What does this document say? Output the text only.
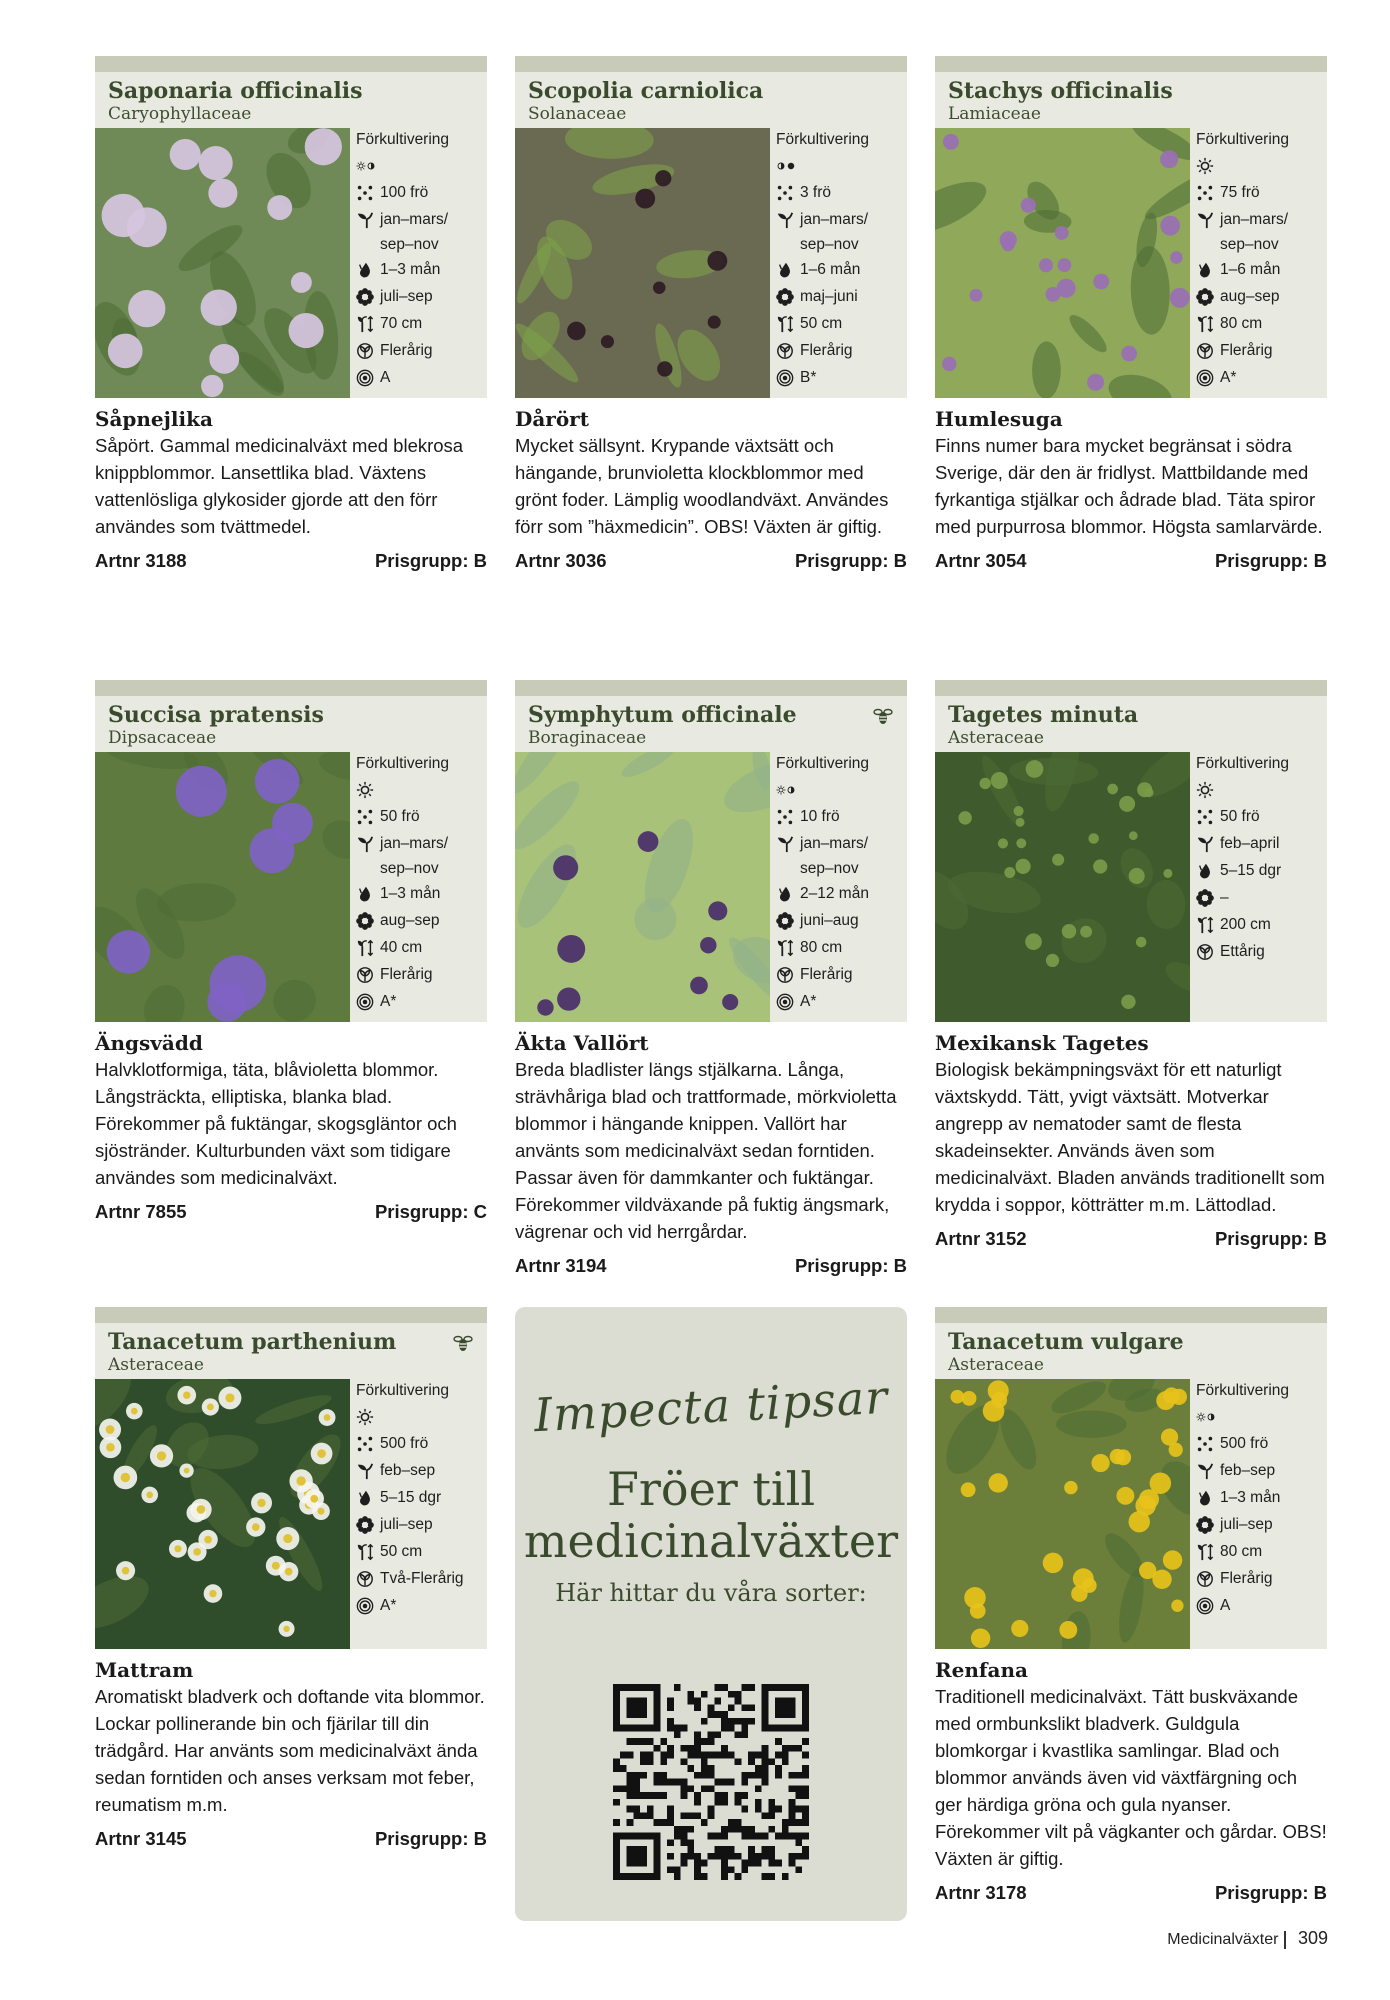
Saponaria officinalis
Caryophyllaceae
Förkultivering
100 frö
jan–mars/
sep–nov
1–3 mån
juli–sep
70 cm
Flerårig
A
Såpnejlika
Såpört. Gammal medicinalväxt med blekrosa knippblommor. Lansettlika blad. Växtens vattenlösliga glykosider gjorde att den förr användes som tvättmedel.
Artnr 3188	Prisgrupp: B
Scopolia carniolica
Solanaceae
Förkultivering
3 frö
jan–mars/
sep–nov
1–6 mån
maj–juni
50 cm
Flerårig
B*
Dårört
Mycket sällsynt. Krypande växtsätt och hängande, brunvioletta klockblommor med grönt foder. Lämplig woodlandväxt. Användes förr som ”häxmedicin”. OBS! Växten är giftig.
Artnr 3036	Prisgrupp: B
Stachys officinalis
Lamiaceae
Förkultivering
75 frö
jan–mars/
sep–nov
1–6 mån
aug–sep
80 cm
Flerårig
A*
Humlesuga
Finns numer bara mycket begränsat i södra Sverige, där den är fridlyst. Mattbildande med fyrkantiga stjälkar och ådrade blad. Täta spiror med purpurrosa blommor. Högsta samlarvärde.
Artnr 3054	Prisgrupp: B
Succisa pratensis
Dipsacaceae
Förkultivering
50 frö
jan–mars/
sep–nov
1–3 mån
aug–sep
40 cm
Flerårig
A*
Ängsvädd
Halvklotformiga, täta, blåvioletta blommor. Långsträckta, elliptiska, blanka blad. Förekommer på fuktängar, skogsgläntor och sjöstränder. Kulturbunden växt som tidigare användes som medicinalväxt.
Artnr 7855	Prisgrupp: C
Symphytum officinale
Boraginaceae
Förkultivering
10 frö
jan–mars/
sep–nov
2–12 mån
juni–aug
80 cm
Flerårig
A*
Äkta Vallört
Breda bladlister längs stjälkarna. Långa, strävhåriga blad och trattformade, mörkvioletta blommor i hängande knippen. Vallört har använts som medicinalväxt sedan forntiden. Passar även för dammkanter och fuktängar. Förekommer vildväxande på fuktig ängsmark, vägrenar och vid herrgårdar.
Artnr 3194	Prisgrupp: B
Tagetes minuta
Asteraceae
Förkultivering
50 frö
feb–april
5–15 dgr
–
200 cm
Ettårig
Mexikansk Tagetes
Biologisk bekämpningsväxt för ett naturligt växtskydd. Tätt, yvigt växtsätt. Motverkar angrepp av nematoder samt de flesta skadeinsekter. Används även som medicinalväxt. Bladen används traditionellt som krydda i soppor, kötträtter m.m. Lättodlad.
Artnr 3152	Prisgrupp: B
Tanacetum parthenium
Asteraceae
Förkultivering
500 frö
feb–sep
5–15 dgr
juli–sep
50 cm
Två-Flerårig
A*
Mattram
Aromatiskt bladverk och doftande vita blommor. Lockar pollinerande bin och fjärilar till din trädgård. Har använts som medicinalväxt ända sedan forntiden och anses verksam mot feber, reumatism m.m.
Artnr 3145	Prisgrupp: B
Tanacetum vulgare
Asteraceae
Förkultivering
500 frö
feb–sep
1–3 mån
juli–sep
80 cm
Flerårig
A
Renfana
Traditionell medicinalväxt. Tätt buskväxande med ormbunkslikt bladverk. Guldgula blomkorgar i kvastlika samlingar. Blad och blommor används även vid växtfärgning och ger härdiga gröna och gula nyanser. Förekommer vilt på vägkanter och gårdar. OBS! Växten är giftig.
Artnr 3178	Prisgrupp: B
Impecta tipsar
Fröer till
medicinalväxter
Här hittar du våra sorter:
Medicinalväxter 309
